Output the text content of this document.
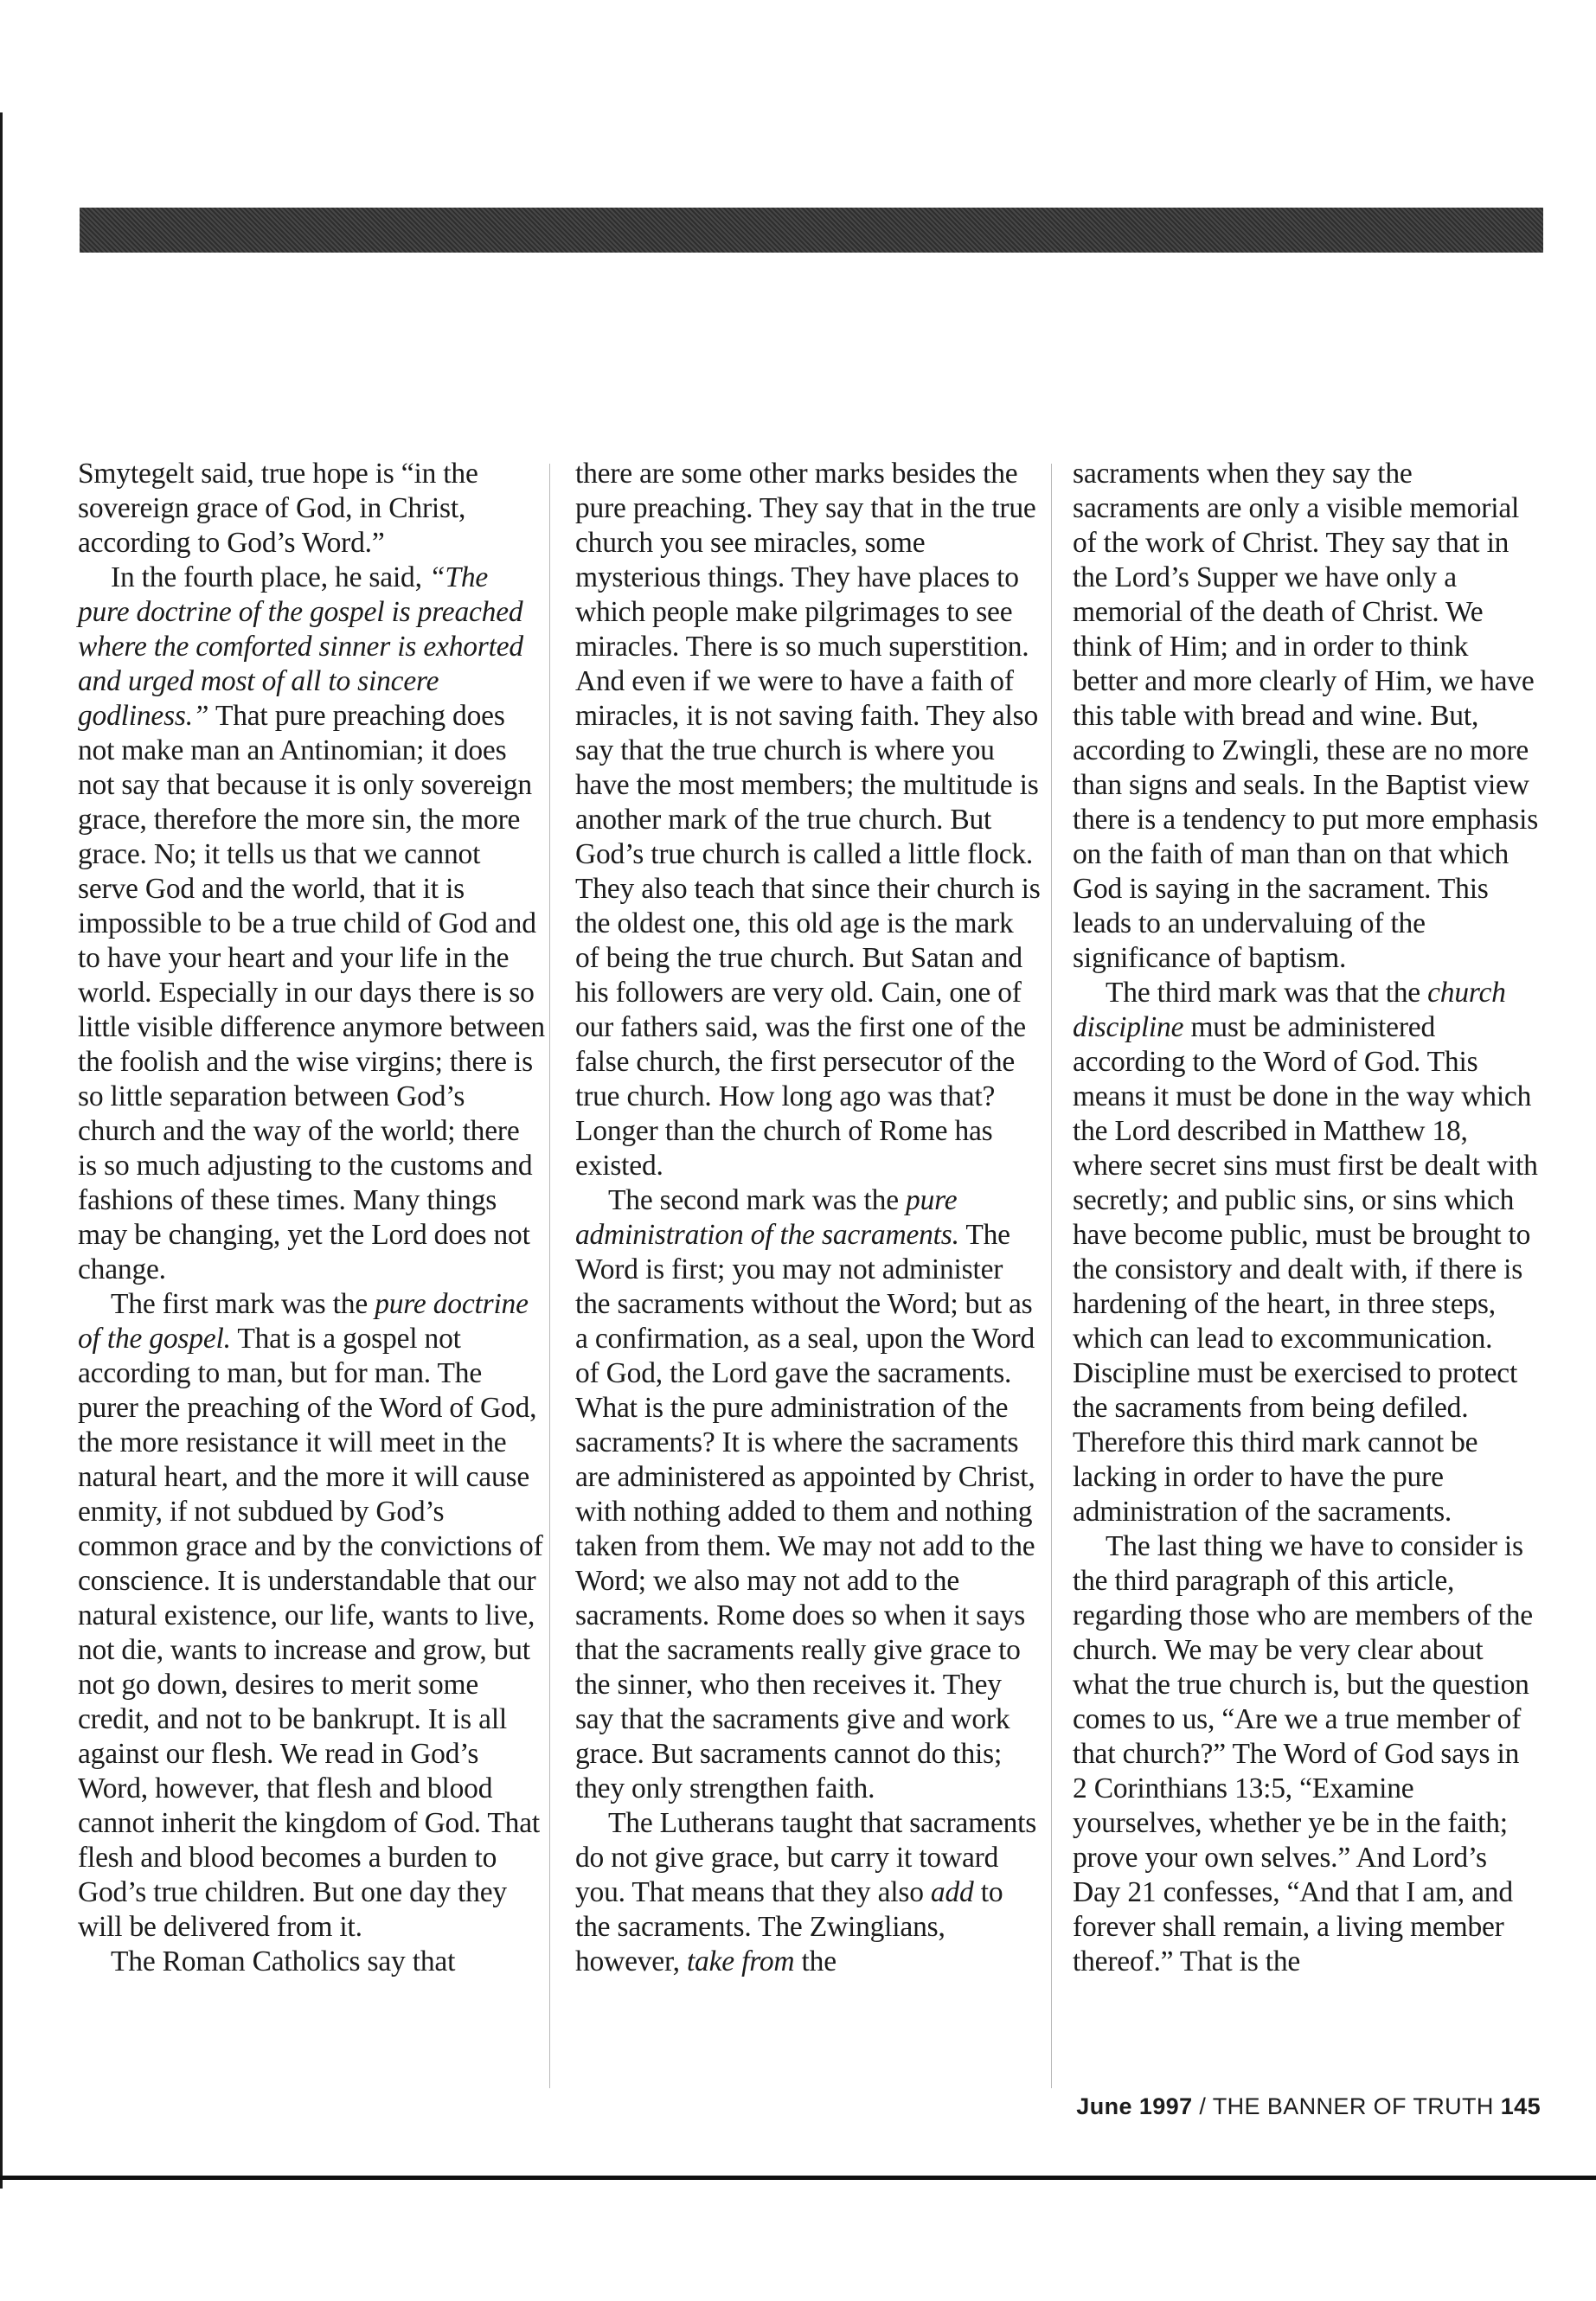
Smytegelt said, true hope is “in the sovereign grace of God, in Christ, according to God’s Word.”

In the fourth place, he said, “The pure doctrine of the gospel is preached where the comforted sinner is exhorted and urged most of all to sincere godliness.” That pure preaching does not make man an Antinomian; it does not say that because it is only sovereign grace, therefore the more sin, the more grace. No; it tells us that we cannot serve God and the world, that it is impossible to be a true child of God and to have your heart and your life in the world. Especially in our days there is so little visible difference anymore between the foolish and the wise virgins; there is so little separation between God’s church and the way of the world; there is so much adjusting to the customs and fashions of these times. Many things may be changing, yet the Lord does not change.

The first mark was the pure doctrine of the gospel. That is a gospel not according to man, but for man. The purer the preaching of the Word of God, the more resistance it will meet in the natural heart, and the more it will cause enmity, if not subdued by God’s common grace and by the convictions of conscience. It is understandable that our natural existence, our life, wants to live, not die, wants to increase and grow, but not go down, desires to merit some credit, and not to be bankrupt. It is all against our flesh. We read in God’s Word, however, that flesh and blood cannot inherit the kingdom of God. That flesh and blood becomes a burden to God’s true children. But one day they will be delivered from it.

The Roman Catholics say that

there are some other marks besides the pure preaching. They say that in the true church you see miracles, some mysterious things. They have places to which people make pilgrimages to see miracles. There is so much superstition. And even if we were to have a faith of miracles, it is not saving faith. They also say that the true church is where you have the most members; the multitude is another mark of the true church. But God’s true church is called a little flock. They also teach that since their church is the oldest one, this old age is the mark of being the true church. But Satan and his followers are very old. Cain, one of our fathers said, was the first one of the false church, the first persecutor of the true church. How long ago was that? Longer than the church of Rome has existed.

The second mark was the pure administration of the sacraments. The Word is first; you may not administer the sacraments without the Word; but as a confirmation, as a seal, upon the Word of God, the Lord gave the sacraments. What is the pure administration of the sacraments? It is where the sacraments are administered as appointed by Christ, with nothing added to them and nothing taken from them. We may not add to the Word; we also may not add to the sacraments. Rome does so when it says that the sacraments really give grace to the sinner, who then receives it. They say that the sacraments give and work grace. But sacraments cannot do this; they only strengthen faith.

The Lutherans taught that sacraments do not give grace, but carry it toward you. That means that they also add to the sacraments. The Zwinglians, however, take from the

sacraments when they say the sacraments are only a visible memorial of the work of Christ. They say that in the Lord’s Supper we have only a memorial of the death of Christ. We think of Him; and in order to think better and more clearly of Him, we have this table with bread and wine. But, according to Zwingli, these are no more than signs and seals. In the Baptist view there is a tendency to put more emphasis on the faith of man than on that which God is saying in the sacrament. This leads to an undervaluing of the significance of baptism.

The third mark was that the church discipline must be administered according to the Word of God. This means it must be done in the way which the Lord described in Matthew 18, where secret sins must first be dealt with secretly; and public sins, or sins which have become public, must be brought to the consistory and dealt with, if there is hardening of the heart, in three steps, which can lead to excommunication. Discipline must be exercised to protect the sacraments from being defiled. Therefore this third mark cannot be lacking in order to have the pure administration of the sacraments.

The last thing we have to consider is the third paragraph of this article, regarding those who are members of the church. We may be very clear about what the true church is, but the question comes to us, “Are we a true member of that church?” The Word of God says in 2 Corinthians 13:5, “Examine yourselves, whether ye be in the faith; prove your own selves.” And Lord’s Day 21 confesses, “And that I am, and forever shall remain, a living member thereof.” That is the

June 1997 / THE BANNER OF TRUTH 145
